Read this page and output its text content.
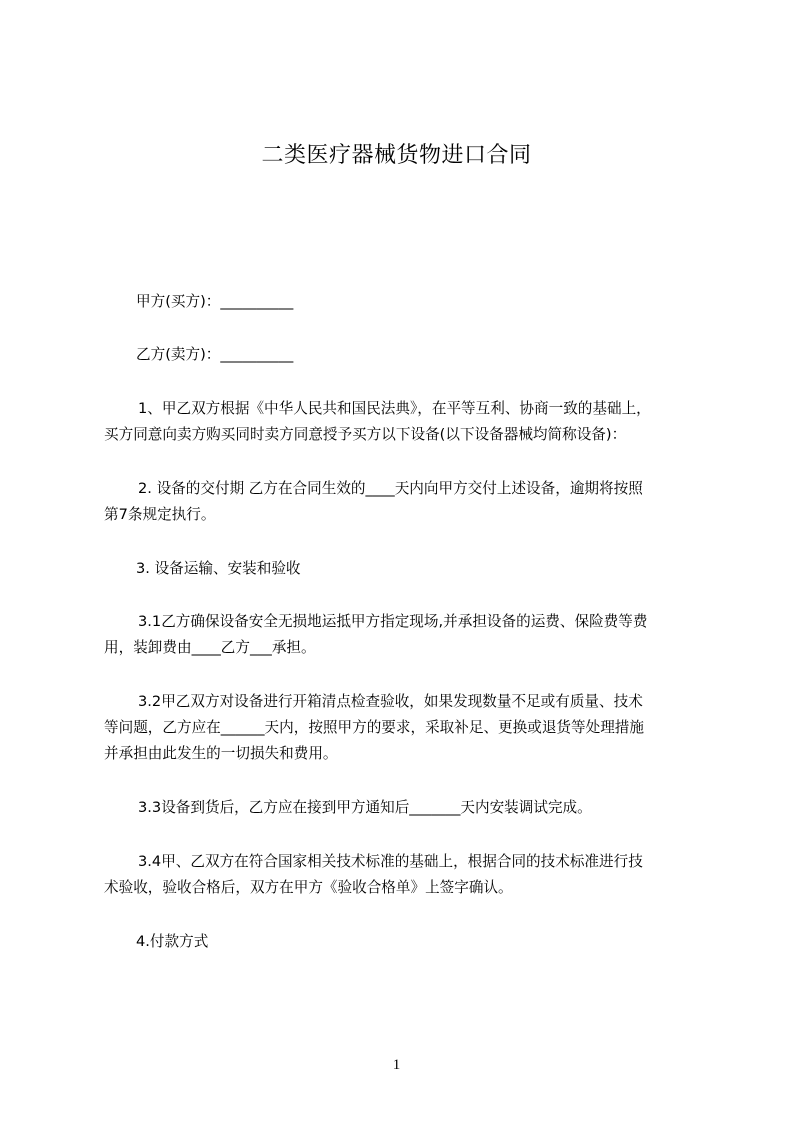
二类医疗器械货物进口合同
甲方(买方)：__________
乙方(卖方)：__________
1、甲乙双方根据《中华人民共和国民法典》，在平等互利、协商一致的基础上，
买方同意向卖方购买同时卖方同意授予买方以下设备(以下设备器械均简称设备)：
2. 设备的交付期 乙方在合同生效的____天内向甲方交付上述设备，逾期将按照
第7条规定执行。
3. 设备运输、安装和验收
3.1乙方确保设备安全无损地运抵甲方指定现场,并承担设备的运费、保险费等费
用，装卸费由____乙方___承担。
3.2甲乙双方对设备进行开箱清点检查验收，如果发现数量不足或有质量、技术
等问题，乙方应在______天内，按照甲方的要求，采取补足、更换或退货等处理措施
并承担由此发生的一切损失和费用。
3.3设备到货后，乙方应在接到甲方通知后_______天内安装调试完成。
3.4甲、乙双方在符合国家相关技术标准的基础上，根据合同的技术标准进行技
术验收，验收合格后，双方在甲方《验收合格单》上签字确认。
4.付款方式
1
